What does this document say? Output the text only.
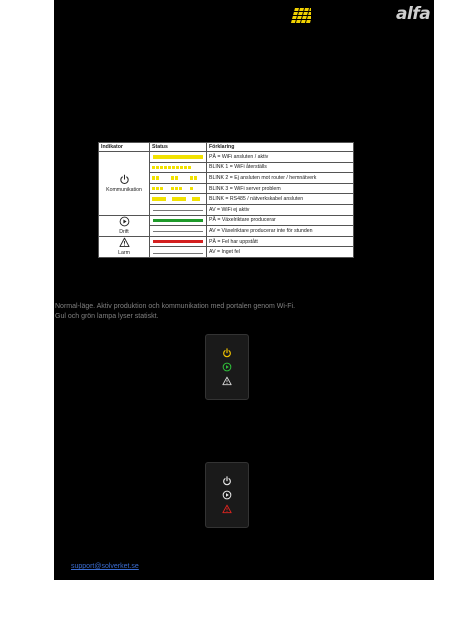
alfa
Indikator	Status	Förklaring

Kommunikation		PÅ = WiFi ansluten / aktiv

		BLINK 1 = WiFi återställs

		BLINK 2 = Ej ansluten mot router / hemnätverk

		BLINK 3 = WiFi server problem

		BLINK = RS485 / nätverkskabel ansluten

		AV = WiFi ej aktiv

Drift		PÅ = Växelriktare producerar

		AV = Växelriktare producerar inte för stunden

Larm		PÅ = Fel har uppstått

		AV = Inget fel
Normal-läge. Aktiv produktion och kommunikation med portalen genom Wi-Fi.
Gul och grön lampa lyser statiskt.
support@solverket.se
